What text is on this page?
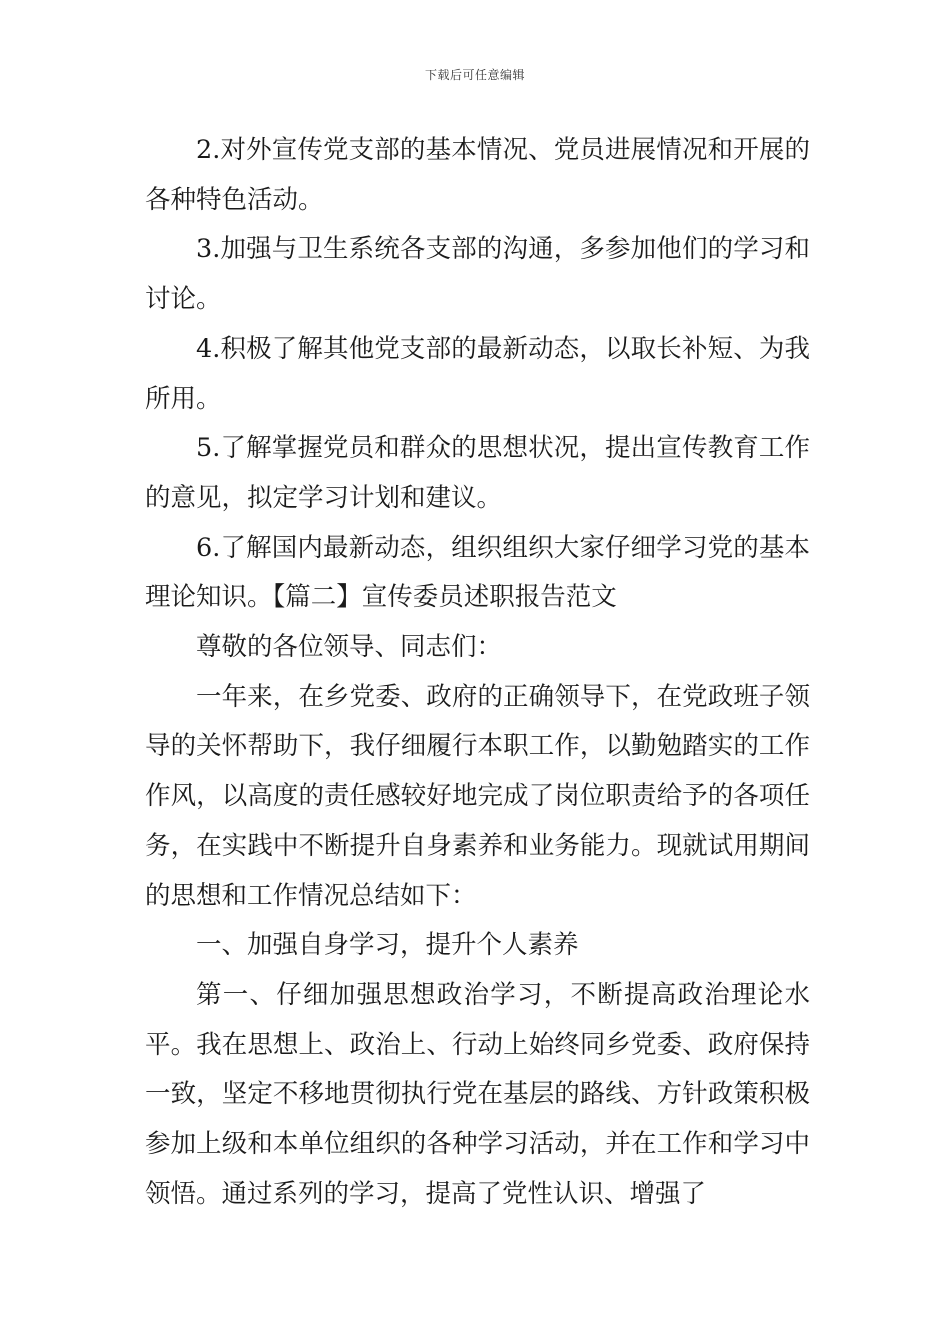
下载后可任意编辑

2.对外宣传党支部的基本情况、党员进展情况和开展的各种特色活动。

3.加强与卫生系统各支部的沟通，多参加他们的学习和讨论。

4.积极了解其他党支部的最新动态，以取长补短、为我所用。

5.了解掌握党员和群众的思想状况，提出宣传教育工作的意见，拟定学习计划和建议。

6.了解国内最新动态，组织组织大家仔细学习党的基本理论知识。【篇二】宣传委员述职报告范文

尊敬的各位领导、同志们：

一年来，在乡党委、政府的正确领导下，在党政班子领导的关怀帮助下，我仔细履行本职工作，以勤勉踏实的工作作风，以高度的责任感较好地完成了岗位职责给予的各项任务，在实践中不断提升自身素养和业务能力。现就试用期间的思想和工作情况总结如下：

一、加强自身学习，提升个人素养

第一、仔细加强思想政治学习，不断提高政治理论水平。我在思想上、政治上、行动上始终同乡党委、政府保持一致，坚定不移地贯彻执行党在基层的路线、方针政策积极参加上级和本单位组织的各种学习活动，并在工作和学习中领悟。通过系列的学习，提高了党性认识、增强了
